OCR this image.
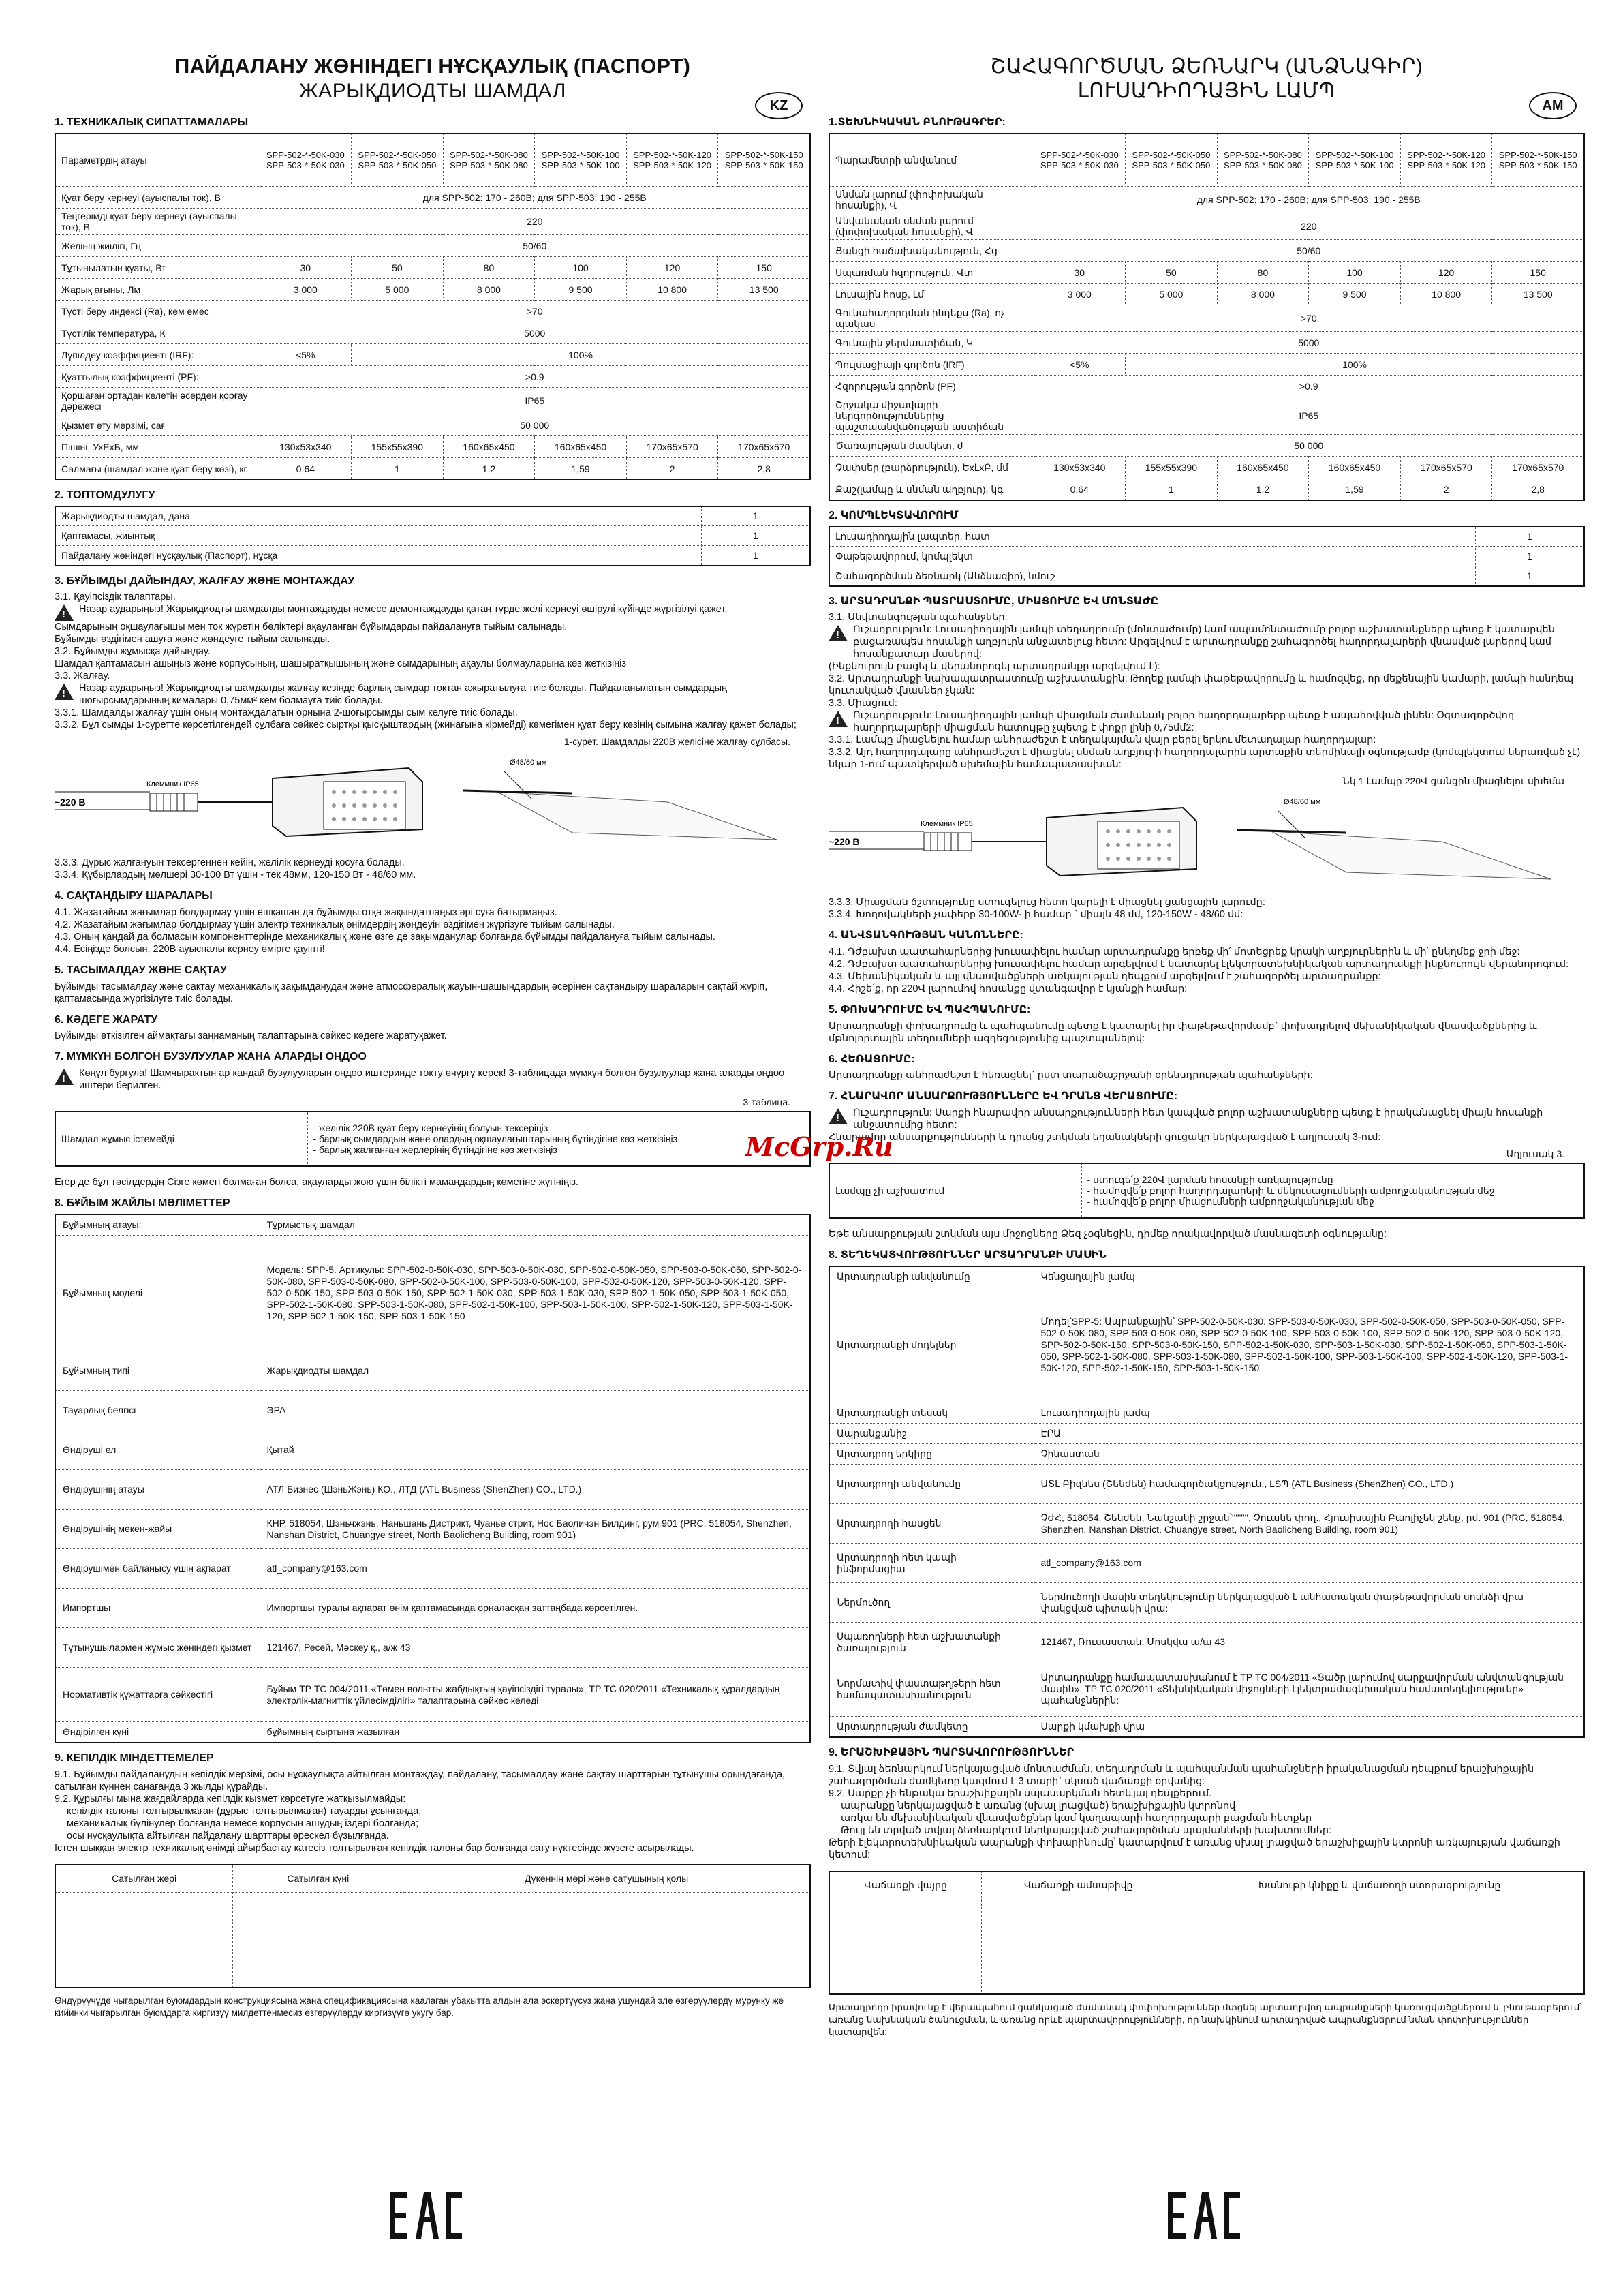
ПАЙДАЛАНУ ЖӨНІНДЕГІ НҰСҚАУЛЫҚ (ПАСПОРТ)
ЖАРЫҚДИОДТЫ ШАМДАЛ
KZ
1. ТЕХНИКАЛЫҚ СИПАТТАМАЛАРЫ
Параметрдің атауы	SPP-502-*-50K-030 SPP-503-*-50K-030	SPP-502-*-50K-050 SPP-503-*-50K-050	SPP-502-*-50K-080 SPP-503-*-50K-080	SPP-502-*-50K-100 SPP-503-*-50K-100	SPP-502-*-50K-120 SPP-503-*-50K-120	SPP-502-*-50K-150 SPP-503-*-50K-150
Қуат беру кернеуі (ауыспалы ток), В	для SPP-502: 170 - 260В; для SPP-503: 190 - 255В					
Теңгерімді қуат беру кернеуі (ауыспалы ток), В	220					
Желінің жиілігі, Гц	50/60					
Тұтынылатын қуаты, Вт	30	50	80	100	120	150
Жарық ағыны, Лм	3 000	5 000	8 000	9 500	10 800	13 500
Түсті беру индексі (Ra), кем емес	>70					
Түстілік температура, К	5000					
Лүпілдеу коэффициенті (IRF):	<5%	100%				
Қуаттылық коэффициенті (PF):	>0.9					
Қоршаған ортадан келетін әсерден қорғау дәрежесі	IP65					
Қызмет ету мерзімі, сағ	50 000					
Пішіні, УхЕхБ, мм	130x53x340	155x55x390	160x65x450	160x65x450	170x65x570	170x65x570
Салмағы (шамдал және қуат беру көзі), кг	0,64	1	1,2	1,59	2	2,8
2. ТОПТОМДУЛУГУ
Жарықдиодты шамдал, дана	1
Қаптамасы, жиынтық	1
Пайдалану жөніндегі нұсқаулық (Паспорт), нұсқа	1
3. БҰЙЫМДЫ ДАЙЫНДАУ, ЖАЛҒАУ ЖӘНЕ МОНТАЖДАУ
3.1. Қауіпсіздік талаптары.
! Назар аударыңыз! Жарықдиодты шамдалды монтаждауды немесе демонтаждауды қатаң түрде желі кернеуі өшірулі күйінде жүргізілуі қажет.
Сымдарының оқшаулағышы мен ток жүретін бөліктері ақауланған бұйымдарды пайдалануға тыйым салынады.
Бұйымды өздігімен ашуға және жөндеуге тыйым салынады.
3.2. Бұйымды жұмысқа дайындау.
Шамдал қаптамасын ашыңыз және корпусының, шашыратқышының және сымдарының ақаулы болмауларына көз жеткізіңіз
3.3. Жалғау.
! Назар аударыңыз! Жарықдиодты шамдалды жалғау кезінде барлық сымдар токтан ажыратылуға тиіс болады. Пайдаланылатын сымдардың шоғырсымдарының қималары 0,75мм² кем болмауға тиіс болады.
3.3.1. Шамдалды жалғау үшін оның монтаждалатын орнына 2-шоғырсымды сым келуге тиіс болады.
3.3.2. Бұл сымды 1-суретте көрсетілгендей сұлбаға сәйкес сыртқы қысқыштардың (жинағына кірмейді) көмегімен қуат беру көзінің сымына жалғау қажет болады;
1-сурет. Шамдалды 220В желісіне жалғау сұлбасы.
~220 В
Клеммник IP65
Ø48/60 мм
3.3.3. Дұрыс жалғануын тексергеннен кейін, желілік кернеуді қосуға болады.
3.3.4. Құбырлардың мөлшері 30-100 Вт үшін - тек 48мм, 120-150 Вт - 48/60 мм.
4. САҚТАНДЫРУ ШАРАЛАРЫ
4.1. Жазатайым жағымлар болдырмау үшін ешқашан да бұйымды отқа жақындатпаңыз әрі суға батырмаңыз.
4.2. Жазатайым жағымлар болдырмау үшін электр техникалық өнімдердің жөндеуін өздігімен жүргізуге тыйым салынады.
4.3. Оның қандай да болмасын компоненттерінде механикалық және өзге де зақымданулар болғанда бұйымды пайдалануға тыйым салынады.
4.4. Есіңізде болсын, 220В ауыспалы кернеу өмірге қауіпті!
5. ТАСЫМАЛДАУ ЖӘНЕ САҚТАУ
Бұйымды тасымалдау және сақтау механикалық зақымданудан және атмосфералық жауын-шашындардың әсерінен сақтандыру шараларын сақтай жүріп, қаптамасында жүргізілуге тиіс болады.
6. КӘДЕГЕ ЖАРАТУ
Бұйымды өткізілген аймақтағы заңнаманың талаптарына сәйкес кәдеге жаратуқажет.
7. МҮМКҮН БОЛГОН БУЗУЛУУЛАР ЖАНА АЛАРДЫ ОҢДОО
! Көңүл бургула! Шамчырактын ар кандай бузулууларын оңдоо иштеринде токту өчүргү керек! 3-таблицада мүмкүн болгон бузулуулар жана аларды оңдоо иштери берилген.
3-таблица.
Шамдал жұмыс істемейді	
- желілік 220В қуат беру кернеуінің болуын тексеріңіз
- барлық сымдардың және олардың оқшаулағыштарының бүтіндігіне көз жеткізіңіз
- барлық жалғанған жерлерінің бүтіндігіне көз жеткізіңіз
Егер де бұл тәсілдердің Сізге көмегі болмаған болса, ақауларды жою үшін білікті мамандардың көмегіне жүгініңіз.
8. БҰЙЫМ ЖАЙЛЫ МӘЛІМЕТТЕР
Бұйымның атауы:	Тұрмыстық шамдал
Бұйымның моделі	Модель: SPP-5. Артикулы: SPP-502-0-50K-030, SPP-503-0-50K-030, SPP-502-0-50K-050, SPP-503-0-50K-050, SPP-502-0-50K-080, SPP-503-0-50K-080, SPP-502-0-50K-100, SPP-503-0-50K-100, SPP-502-0-50K-120, SPP-503-0-50K-120, SPP-502-0-50K-150, SPP-503-0-50K-150, SPP-502-1-50K-030, SPP-503-1-50K-030, SPP-502-1-50K-050, SPP-503-1-50K-050, SPP-502-1-50K-080, SPP-503-1-50K-080, SPP-502-1-50K-100, SPP-503-1-50K-100, SPP-502-1-50K-120, SPP-503-1-50K-120, SPP-502-1-50K-150, SPP-503-1-50K-150
Бұйымның типі	Жарықдиодты шамдал
Тауарлық белгісі	ЭРА
Өндірушi ел	Қытай
Өндірушінің атауы	АТЛ Бизнес (ШэньЖэнь) КО., ЛТД (ATL Business (ShenZhen) CO., LTD.)
Өндірушінің мекен-жайы	КНР, 518054, Шэньчжэнь, Наньшань Дистрикт, Чуанье стрит, Нос Баоличэн Билдинг, рум 901 (PRC, 518054, Shenzhen, Nanshan District, Chuangye street, North Baolicheng Building, room 901)
Өндірушімен байланысу үшін ақпарат	atl_company@163.com
Импортшы	Импортшы туралы ақпарат өнім қаптамасында орналасқан заттаңбада көрсетілген.
Тұтынушылармен жұмыс жөніндегі қызмет	121467, Ресей, Мәскеу қ., а/ж 43
Нормативтік құжаттарға сәйкестігі	Бұйым ТР ТС 004/2011 «Төмен вольтты жабдықтың қауіпсіздігі туралы», ТР ТС 020/2011 «Техникалық құралдардың электрлік-магниттік үйлесімділігі» талаптарына сәйкес келеді
Өндірілген күні	бұйымның сыртына жазылған
9. КЕПІЛДІК МІНДЕТТЕМЕЛЕР
9.1. Бұйымды пайдаланудың кепілдік мерзімі, осы нұсқаулықта айтылған монтаждау, пайдалану, тасымалдау және сақтау шарттарын тұтынушы орындағанда, сатылған күннен санағанда 3 жылды құрайды.
9.2. Құрылғы мына жағдайларда кепілдік қызмет көрсетуге жатқызылмайды:
кепілдік талоны толтырылмаған (дұрыс толтырылмаған) тауарды ұсынғанда;
механикалық бүлінулер болғанда немесе корпусын ашудың іздері болғанда;
осы нұсқаулықта айтылған пайдалану шарттары өрескел бұзылғанда.
Істен шыққан электр техникалық өнімді айырбастау қатесіз толтырылған кепілдік талоны бар болғанда сату нүктесінде жүзеге асырылады.
Сатылған жері	Сатылған күні	Дүкеннің мөрі және сатушының қолы

Өндүрүүчүдө чыгарылган буюмдардын конструкциясына жана спецификациясына каалаган убакытта алдын ала эскертүүсүз жана ушундай эле өзгөрүүлөрдү мурунку же кийинки чыгарылган буюмдарга киргизүү милдеттенмесиз өзгөрүүлөрдү киргизүүгө укугу бар.
ՇԱՀԱԳՈՐԾՄԱՆ ՁԵՌՆԱՐԿ (ԱՆՁՆԱԳԻՐ)
ԼՈՒՍԱԴԻՈԴԱՅԻՆ ԼԱՄՊ
AM
1.ՏԵԽՆԻԿԱԿԱՆ ԲՆՈՒԹԱԳՐԵՐ:
Պարամետրի անվանում	SPP-502-*-50K-030 SPP-503-*-50K-030	SPP-502-*-50K-050 SPP-503-*-50K-050	SPP-502-*-50K-080 SPP-503-*-50K-080	SPP-502-*-50K-100 SPP-503-*-50K-100	SPP-502-*-50K-120 SPP-503-*-50K-120	SPP-502-*-50K-150 SPP-503-*-50K-150
Սնման լարում (փոփոխական հոսանքի), Վ	для SPP-502: 170 - 260В; для SPP-503: 190 - 255В					
Անվանական սնման լարում (փոփոխական հոսանքի), Վ	220					
Ցանցի հաճախականություն, Հց	50/60					
Սպառման հզորություն, Վտ	30	50	80	100	120	150
Լուսային հոսք, Լմ	3 000	5 000	8 000	9 500	10 800	13 500
Գունահաղորդման ինդեքս (Ra), ոչ պակաս	>70					
Գունային ջերմաստիճան, Կ	5000					
Պուլսացիայի գործոն (IRF)	<5%	100%				
Հզորության գործոն (PF)	>0.9					
Շրջակա միջավայրի ներգործություններից պաշտպանվածության աստիճան	IP65					
Ծառայության ժամկետ, ժ	50 000					
Չափսեր (բարձրություն), ԵxԼxԲ, մմ	130x53x340	155x55x390	160x65x450	160x65x450	170x65x570	170x65x570
Քաշ(լամպը և սնման աղբյուր), կգ	0,64	1	1,2	1,59	2	2,8
2. ԿՈՄՊԼԵԿՏԱՎՈՐՈՒՄ
Լուսադիոդային լապտեր, հատ	1
Փաթեթավորում, կոմպլեկտ	1
Շահագործման ձեռնարկ (Անձնագիր), նմուշ	1
3. ԱՐՏԱԴՐԱՆՔԻ ՊԱՏՐԱՍՏՈՒՄԸ, ՄԻԱՑՈՒՄԸ ԵՎ ՄՈՆՏԱԺԸ
3.1. Անվտանգության պահանջներ:
! Ուշադրություն: Լուսադիոդային լամպի տեղադրումը (մոնտաժումը) կամ ապամոնտաժումը բոլոր աշխատանքները պետք է կատարվեն բացառապես հոսանքի աղբյուրն անջատելուց հետո: Արգելվում է արտադրանքը շահագործել հաղորդալարերի վնասված լարերով կամ հոսանքատար մասերով:
(Ինքնուրույն բացել և վերանորոգել արտադրանքը արգելվում է):
3.2. Արտադրանքի նախապատրաստումը աշխատանքին: Թողեք լամպի փաթեթավորումը և համոզվեք, որ մեքենային կամարի, լամպի հանդեպ կուտակված վնասներ չկան:
3.3. Միացում:
! Ուշադրություն: Լուսադիոդային լամպի միացման ժամանակ բոլոր հաղորդալարերը պետք է ապահովված լինեն: Օգտագործվող հաղորդալարերի միացման հատույթը չպետք է փոքր լինի 0,75մմ2:
3.3.1. Լամպը միացնելու համար անհրաժեշտ է տեղակայման վայր բերել երկու մետաղալար հաղորդալար:
3.3.2. Այդ հաղորդալարը անհրաժեշտ է միացնել սնման աղբյուրի հաղորդալարին արտաքին տերմինալի օգնությամբ (կոմպլեկտում ներառված չէ) նկար 1-ում պատկերված սխեմային համապատասխան:
Նկ.1 Լամպը 220Վ ցանցին միացնելու սխեմա
~220 В
Клеммник IP65
Ø48/60 мм
3.3.3. Միացման ճշտությունը ստուգելուց հետո կարելի է միացնել ցանցային լարումը:
3.3.4. Խողովակների չափերը 30-100W- ի համար ` միայն 48 մմ, 120-150W - 48/60 մմ:
4. ԱՆՎՏԱՆԳՈՒԹՅԱՆ ԿԱՆՈՆՆԵՐԸ:
4.1. Դժբախտ պատահարներից խուսափելու համար արտադրանքը երբեք մի՛ մոտեցրեք կրակի աղբյուրներին և մի՛ ընկղմեք ջրի մեջ:
4.2. Դժբախտ պատահարներից խուսափելու համար արգելվում է կատարել էլեկտրատեխնիկական արտադրանքի ինքնուրույն վերանորոգում:
4.3. Մեխանիկական և այլ վնասվածքների առկայության դեպքում արգելվում է շահագործել արտադրանքը:
4.4. Հիշե՛ք, որ 220Վ լարումով հոսանքը վտանգավոր է կյանքի համար:
5. ՓՈԽԱԴՐՈՒՄԸ ԵՎ ՊԱՀՊԱՆՈՒՄԸ:
Արտադրանքի փոխադրումը և պահպանումը պետք է կատարել իր փաթեթավորմամբ` փոխադրելով մեխանիկական վնասվածքներից և մթնոլորտային տեղումների ազդեցությունից պաշտպանելով:
6. ՀԵՌԱՑՈՒՄԸ:
Արտադրանքը անհրաժեշտ է հեռացնել` ըստ տարածաշրջանի օրենսդրության պահանջների:
7. ՀՆԱՐԱՎՈՐ ԱՆՍԱՐՔՈՒԹՅՈՒՆՆԵՐԸ ԵՎ ԴՐԱՆՑ ՎԵՐԱՑՈՒՄԸ:
! Ուշադրություն: Սարքի հնարավոր անսարքությունների հետ կապված բոլոր աշխատանքները պետք է իրականացնել միայն հոսանքի անջատումից հետո:
Հնարավոր անսարքությունների և դրանց շտկման եղանակների ցուցակը ներկայացված է աղյուսակ 3-ում:
Աղյուսակ 3.
Լամպը չի աշխատում	
- ստուգե՛ք 220Վ լարման հոսանքի առկայությունը
- համոզվե՛ք բոլոր հաղորդալարերի և մեկուսացումների ամբողջականության մեջ
- համոզվե՛ք բոլոր միացումների ամբողջականության մեջ
Եթե անսարքության շտկման այս միջոցները Ձեզ չօգնեցին, դիմեք որակավորված մասնագետի օգնությանը:
8. ՏԵՂԵԿԱՏՎՈՒԹՅՈՒՆՆԵՐ ԱՐՏԱԴՐԱՆՔԻ ՄԱՍԻՆ
Արտադրանքի անվանումը	Կենցաղային լամպ
Արտադրանքի մոդելներ	Մոդել՝SPP-5: Ապրանքային՝ SPP-502-0-50K-030, SPP-503-0-50K-030, SPP-502-0-50K-050, SPP-503-0-50K-050, SPP-502-0-50K-080, SPP-503-0-50K-080, SPP-502-0-50K-100, SPP-503-0-50K-100, SPP-502-0-50K-120, SPP-503-0-50K-120, SPP-502-0-50K-150, SPP-503-0-50K-150, SPP-502-1-50K-030, SPP-503-1-50K-030, SPP-502-1-50K-050, SPP-503-1-50K-050, SPP-502-1-50K-080, SPP-503-1-50K-080, SPP-502-1-50K-100, SPP-503-1-50K-100, SPP-502-1-50K-120, SPP-503-1-50K-120, SPP-502-1-50K-150, SPP-503-1-50K-150
Արտադրանքի տեսակ	Լուսադիոդային լամպ
Ապրանքանիշ	ԷՐԱ
Արտադրող երկիրը	Չինաստան
Արտադրողի անվանումը	ԱՏԼ Բիզնես (Շենժեն) համագործակցություն., LSՊ (ATL Business (ShenZhen) CO., LTD.)
Արտադրողի հասցեն	ՉԺՀ, 518054, Շենժեն, Նանշանի շրջան՝''''''''', Չուանե փող., Հյուսիսային Բաոլիչեն շենք, րմ. 901 (PRC, 518054, Shenzhen, Nanshan District, Chuangye street, North Baolicheng Building, room 901)
Արտադրողի հետ կապի ինֆորմացիա	atl_company@163.com
Ներմուծող	Ներմուծողի մասին տեղեկությունը ներկայացված է անհատական փաթեթավորման սոսնձի վրա փակցված պիտակի վրա:
Սպառողների հետ աշխատանքի ծառայություն	121467, Ռուսաստան, Մոսկվա ա/ա 43
Նորմատիվ փաստաթղթերի հետ համապատասխանություն	Արտադրանքը համապատասխանում է ТР ТС 004/2011 «Ցածր լարումով սարքավորման անվտանգության մասին», ТР ТС 020/2011 «Տեխնիկական միջոցների էլեկտրամագնիսական համատեղելիությունը» պահանջներին:
Արտադրության ժամկետը	Սարքի կմախքի վրա
9. ԵՐԱՇԽԻՔԱՅԻՆ ՊԱՐՏԱՎՈՐՈՒԹՅՈՒՆՆԵՐ
9.1. Տվյալ ձեռնարկում ներկայացված մոնտաժման, տեղադրման և պահպանման պահանջների իրականացման դեպքում երաշխիքային շահագործման ժամկետը կազմում է 3 տարի` սկսած վաճառքի օրվանից:
9.2. Սարքը չի ենթակա երաշխիքային սպասարկման հետևյալ դեպքերում.
ապրանքը ներկայացված է առանց (սխալ լրացված) երաշխիքային կտրոնով
առկա են մեխանիկական վնասվածքներ կամ կաղապարի հաղորդալարի բացման հետքեր
Թույլ են տրված տվյալ ձեռնարկում ներկայացված շահագործման պայմանների խախտումներ:
Թերի էլեկտրոտեխնիկական ապրանքի փոխարինումը՝ կատարվում է առանց սխալ լրացված երաշխիքային կտրոնի առկայության վաճառքի կետում:
Վաճառքի վայրը	Վաճառքի ամսաթիվը	Խանութի կնիքը և վաճառողի ստորագրությունը

Արտադրողը իրավունք է վերապահում ցանկացած ժամանակ փոփոխություններ մտցնել արտադրվող ապրանքների կառուցվածքներում և բնութագրերում՝ առանց նախնական ծանուցման, և առանց որևէ պարտավորությունների, որ նախկինում արտադրված ապրանքներում նման փոփոխություններ կատարվեն:
McGrp.Ru
